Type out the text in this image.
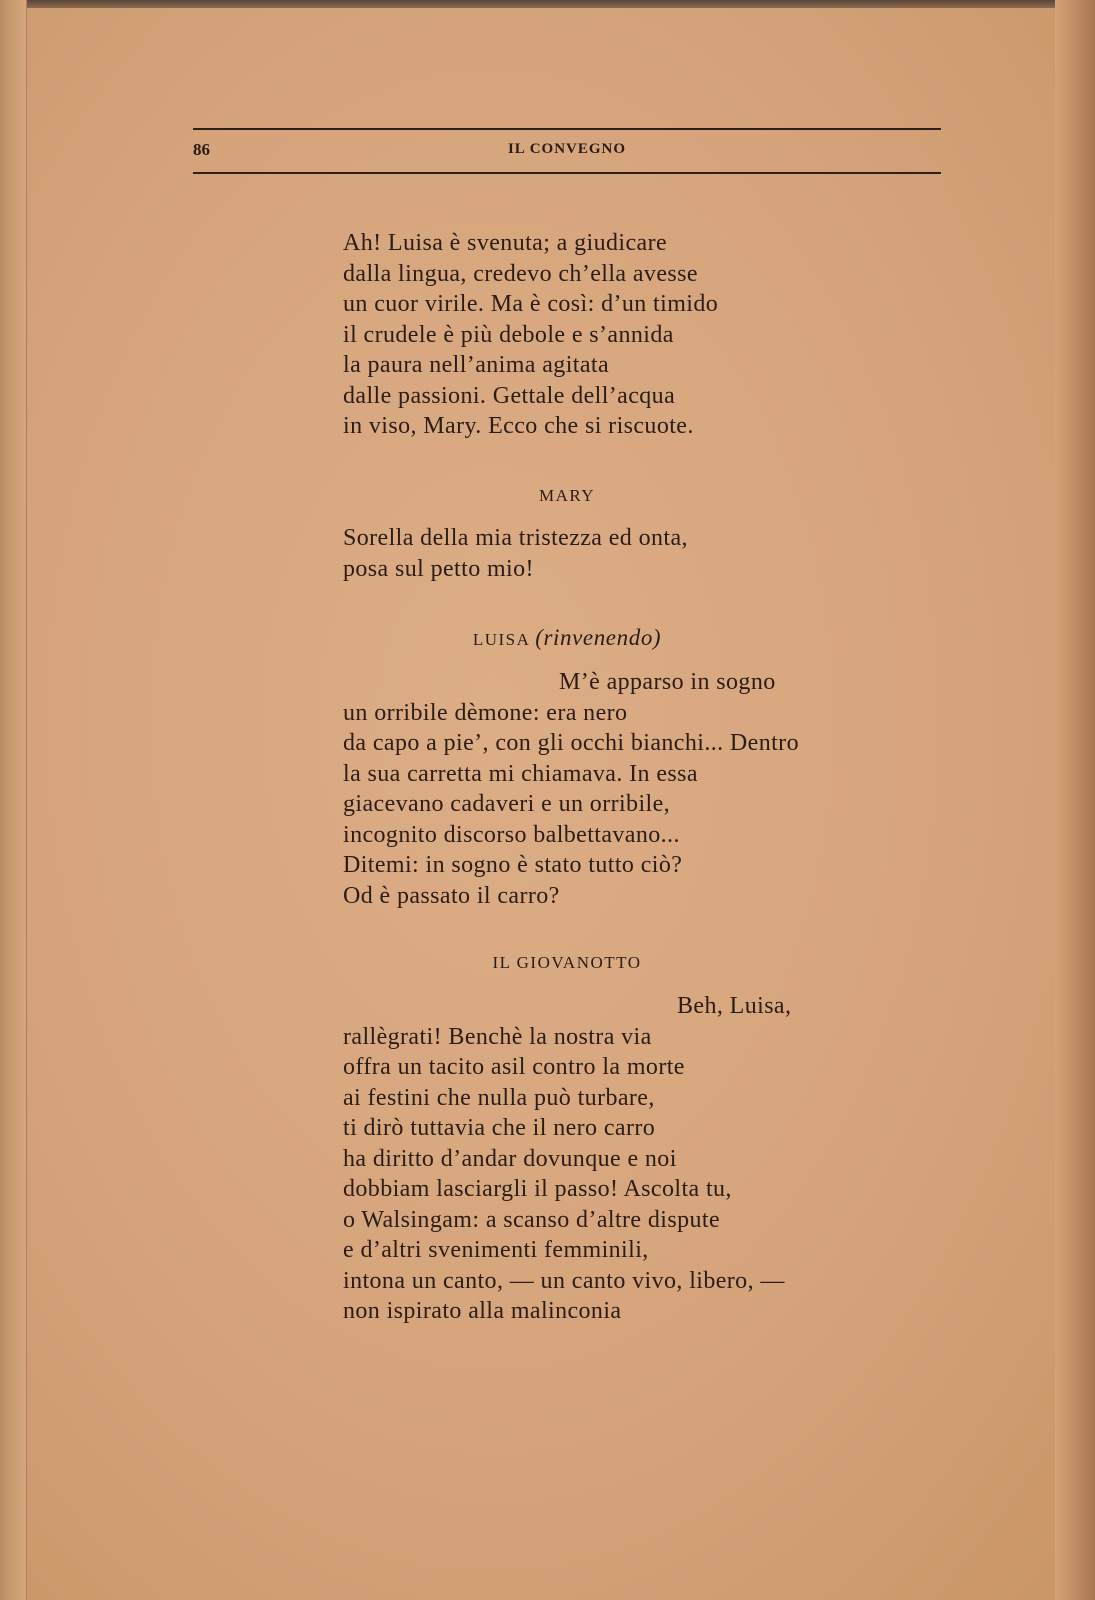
86	IL CONVEGNO
Ah! Luisa è svenuta; a giudicare
dalla lingua, credevo ch’ella avesse
un cuor virile. Ma è così: d’un timido
il crudele è più debole e s’annida
la paura nell’anima agitata
dalle passioni. Gettale dell’acqua
in viso, Mary. Ecco che si riscuote.
MARY
Sorella della mia tristezza ed onta,
posa sul petto mio!
LUISA (rinvenendo)
M’è apparso in sogno
un orribile dèmone: era nero
da capo a pie’, con gli occhi bianchi... Dentro
la sua carretta mi chiamava. In essa
giacevano cadaveri e un orribile,
incognito discorso balbettavano...
Ditemi: in sogno è stato tutto ciò?
Od è passato il carro?
IL GIOVANOTTO
Beh, Luisa,
rallègrati! Benchè la nostra via
offra un tacito asil contro la morte
ai festini che nulla può turbare,
ti dirò tuttavia che il nero carro
ha diritto d’andar dovunque e noi
dobbiam lasciargli il passo! Ascolta tu,
o Walsingam: a scanso d’altre dispute
e d’altri svenimenti femminili,
intona un canto, — un canto vivo, libero, —
non ispirato alla malinconia
